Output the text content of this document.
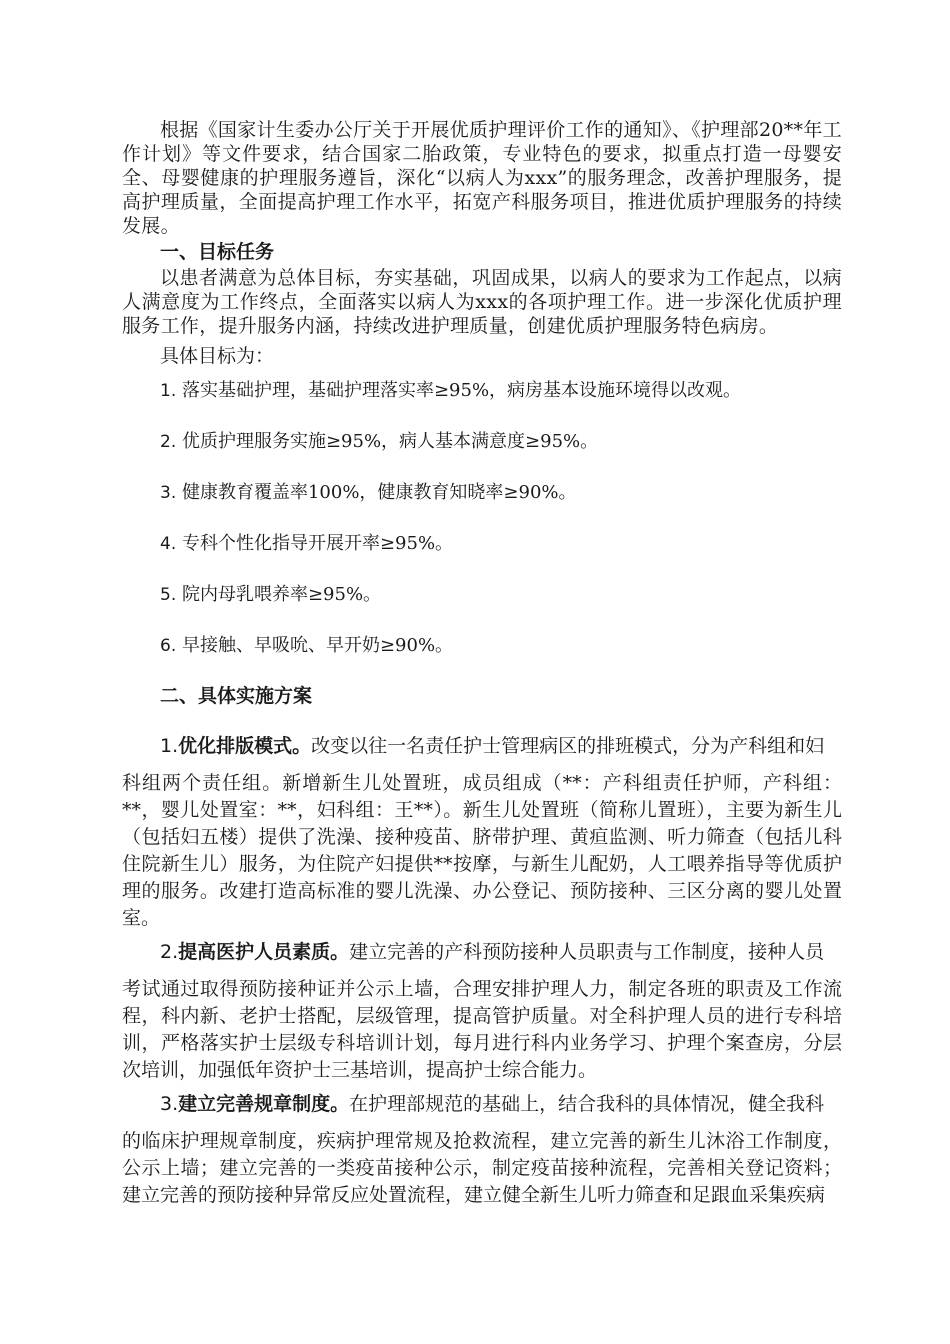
根据《国家计生委办公厅关于开展优质护理评价工作的通知》、《护理部20**年工作计划》等文件要求，结合国家二胎政策，专业特色的要求，拟重点打造一母婴安全、母婴健康的护理服务遵旨，深化“以病人为xxx”的服务理念，改善护理服务，提高护理质量，全面提高护理工作水平，拓宽产科服务项目，推进优质护理服务的持续发展。

一、目标任务

以患者满意为总体目标，夯实基础，巩固成果，以病人的要求为工作起点，以病人满意度为工作终点，全面落实以病人为xxx的各项护理工作。进一步深化优质护理服务工作，提升服务内涵，持续改进护理质量，创建优质护理服务特色病房。

具体目标为：

1. 落实基础护理，基础护理落实率≥95%，病房基本设施环境得以改观。

2. 优质护理服务实施≥95%，病人基本满意度≥95%。

3. 健康教育覆盖率100%，健康教育知晓率≥90%。

4. 专科个性化指导开展开率≥95%。

5. 院内母乳喂养率≥95%。

6. 早接触、早吸吮、早开奶≥90%。

二、具体实施方案

1.优化排版模式。改变以往一名责任护士管理病区的排班模式，分为产科组和妇

科组两个责任组。新增新生儿处置班，成员组成（**：产科组责任护师，产科组：**，婴儿处置室：**，妇科组：王**）。新生儿处置班（简称儿置班），主要为新生儿（包括妇五楼）提供了洗澡、接种疫苗、脐带护理、黄疸监测、听力筛查（包括儿科住院新生儿）服务，为住院产妇提供**按摩，与新生儿配奶，人工喂养指导等优质护理的服务。改建打造高标准的婴儿洗澡、办公登记、预防接种、三区分离的婴儿处置室。

2.提高医护人员素质。建立完善的产科预防接种人员职责与工作制度，接种人员

考试通过取得预防接种证并公示上墙，合理安排护理人力，制定各班的职责及工作流程，科内新、老护士搭配，层级管理，提高管护质量。对全科护理人员的进行专科培训，严格落实护士层级专科培训计划，每月进行科内业务学习、护理个案查房，分层次培训，加强低年资护士三基培训，提高护士综合能力。

3.建立完善规章制度。在护理部规范的基础上，结合我科的具体情况，健全我科

的临床护理规章制度，疾病护理常规及抢救流程，建立完善的新生儿沐浴工作制度，公示上墙；建立完善的一类疫苗接种公示，制定疫苗接种流程，完善相关登记资料；建立完善的预防接种异常反应处置流程，建立健全新生儿听力筛查和足跟血采集疾病
